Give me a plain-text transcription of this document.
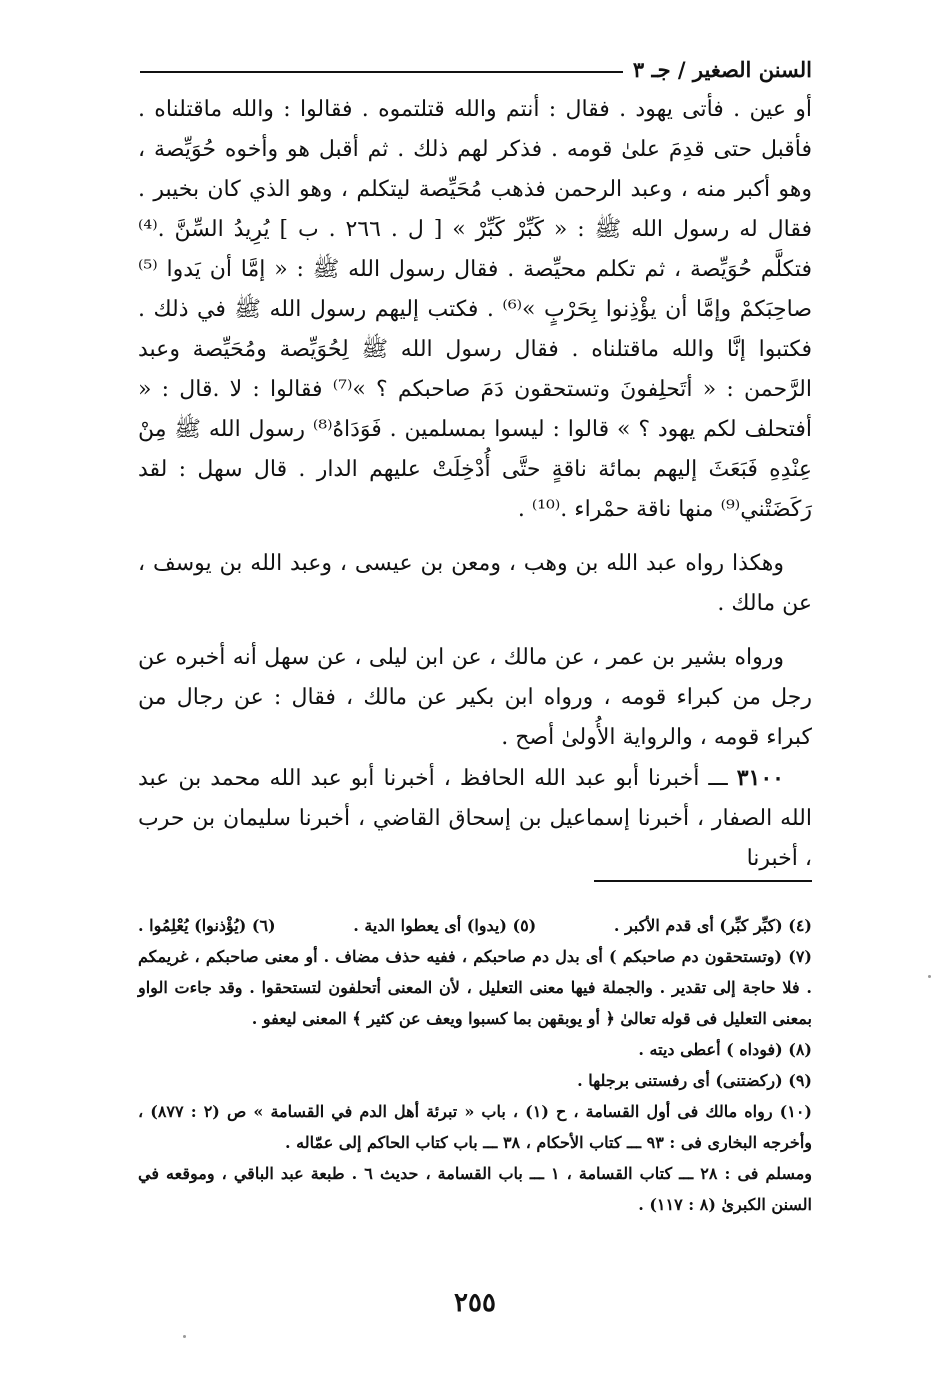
السنن الصغير / جـ ٣

أو عين . فأتى يهود . فقال : أنتم والله قتلتموه . فقالوا : والله ماقتلناه . فأقبل حتى قدِمَ علىٰ قومه . فذكر لهم ذلك . ثم أقبل هو وأخوه حُوَيِّصة ، وهو أكبر منه ، وعبد الرحمن فذهب مُحَيِّصة ليتكلم ، وهو الذي كان بخيبر . فقال له رسول الله ﷺ : « كَبِّرْ كَبِّرْ » [ ل . ٢٦٦ . ب ] يُرِيدُ السِّنَّ .⁽⁴⁾ فتكلَّم حُوَيِّصة ، ثم تكلم محيِّصة . فقال رسول الله ﷺ : « إمَّا أن يَدوا ⁽⁵⁾ صاحِبَكمْ وإمَّا أن يؤْذِنوا بِحَرْبٍ »⁽⁶⁾ . فكتب إليهم رسول الله ﷺ في ذلك . فكتبوا إنَّا والله ماقتلناه . فقال رسول الله ﷺ لِحُوَيِّصة ومُحَيِّصة وعبد الرَّحمن : « أتَحلِفونَ وتستحقون دَمَ صاحبكم ؟ »⁽⁷⁾ فقالوا : لا .قال : « أفتحلف لكم يهود ؟ » قالوا : ليسوا بمسلمين . فَوَدَاهُ⁽⁸⁾ رسول الله ﷺ مِنْ عِنْدِهِ فَبَعَثَ إليهم بمائة ناقةٍ حتَّى أُدْخِلَتْ عليهم الدار . قال سهل : لقد رَكَضَتْني⁽⁹⁾ منها ناقة حمْراء .⁽¹⁰⁾ .

وهكذا رواه عبد الله بن وهب ، ومعن بن عيسى ، وعبد الله بن يوسف ، عن مالك .

ورواه بشير بن عمر ، عن مالك ، عن ابن ليلى ، عن سهل أنه أخبره عن رجل من كبراء قومه ، ورواه ابن بكير عن مالك ، فقال : عن رجال من كبراء قومه ، والرواية الأُولىٰ أصح .

٣١٠٠ ـــ أخبرنا أبو عبد الله الحافظ ، أخبرنا أبو عبد الله محمد بن عبد الله الصفار ، أخبرنا إسماعيل بن إسحاق القاضي ، أخبرنا سليمان بن حرب ، أخبرنا

(٤) (كبِّر كبِّر) أى قدم الأكبر .
(٥) (يدوا) أى يعطوا الدية .
(٦) (يُؤْذنوا) يُعْلِمُوا .

(٧) (وتستحقون دم صاحبكم ) أى بدل دم صاحبكم ، ففيه حذف مضاف . أو معنى صاحبكم ، غريمكم . فلا حاجة إلى تقدير . والجملة فيها معنى التعليل ، لأن المعنى أتحلفون لتستحقوا . وقد جاءت الواو بمعنى التعليل فى قوله تعالىٰ ﴿ أو يوبقهن بما كسبوا ويعف عن كثير ﴾ المعنى ليعفو .

(٨) (فوداه ) أعطى ديته .

(٩) (ركضتنى) أى رفستنى برجلها .

(١٠) رواه مالك فى أول القسامة ، ح (١) ، باب « تبرئة أهل الدم في القسامة » ص (٢ : ٨٧٧) ، وأخرجه البخارى فى : ٩٣ ـــ كتاب الأحكام ، ٣٨ ـــ باب كتاب الحاكم إلى عمّاله .

ومسلم فى : ٢٨ ـــ كتاب القسامة ، ١ ـــ باب القسامة ، حديث ٦ . طبعة عبد الباقي ، وموقعه في السنن الكبرىٰ (٨ : ١١٧) .

٢٥٥
